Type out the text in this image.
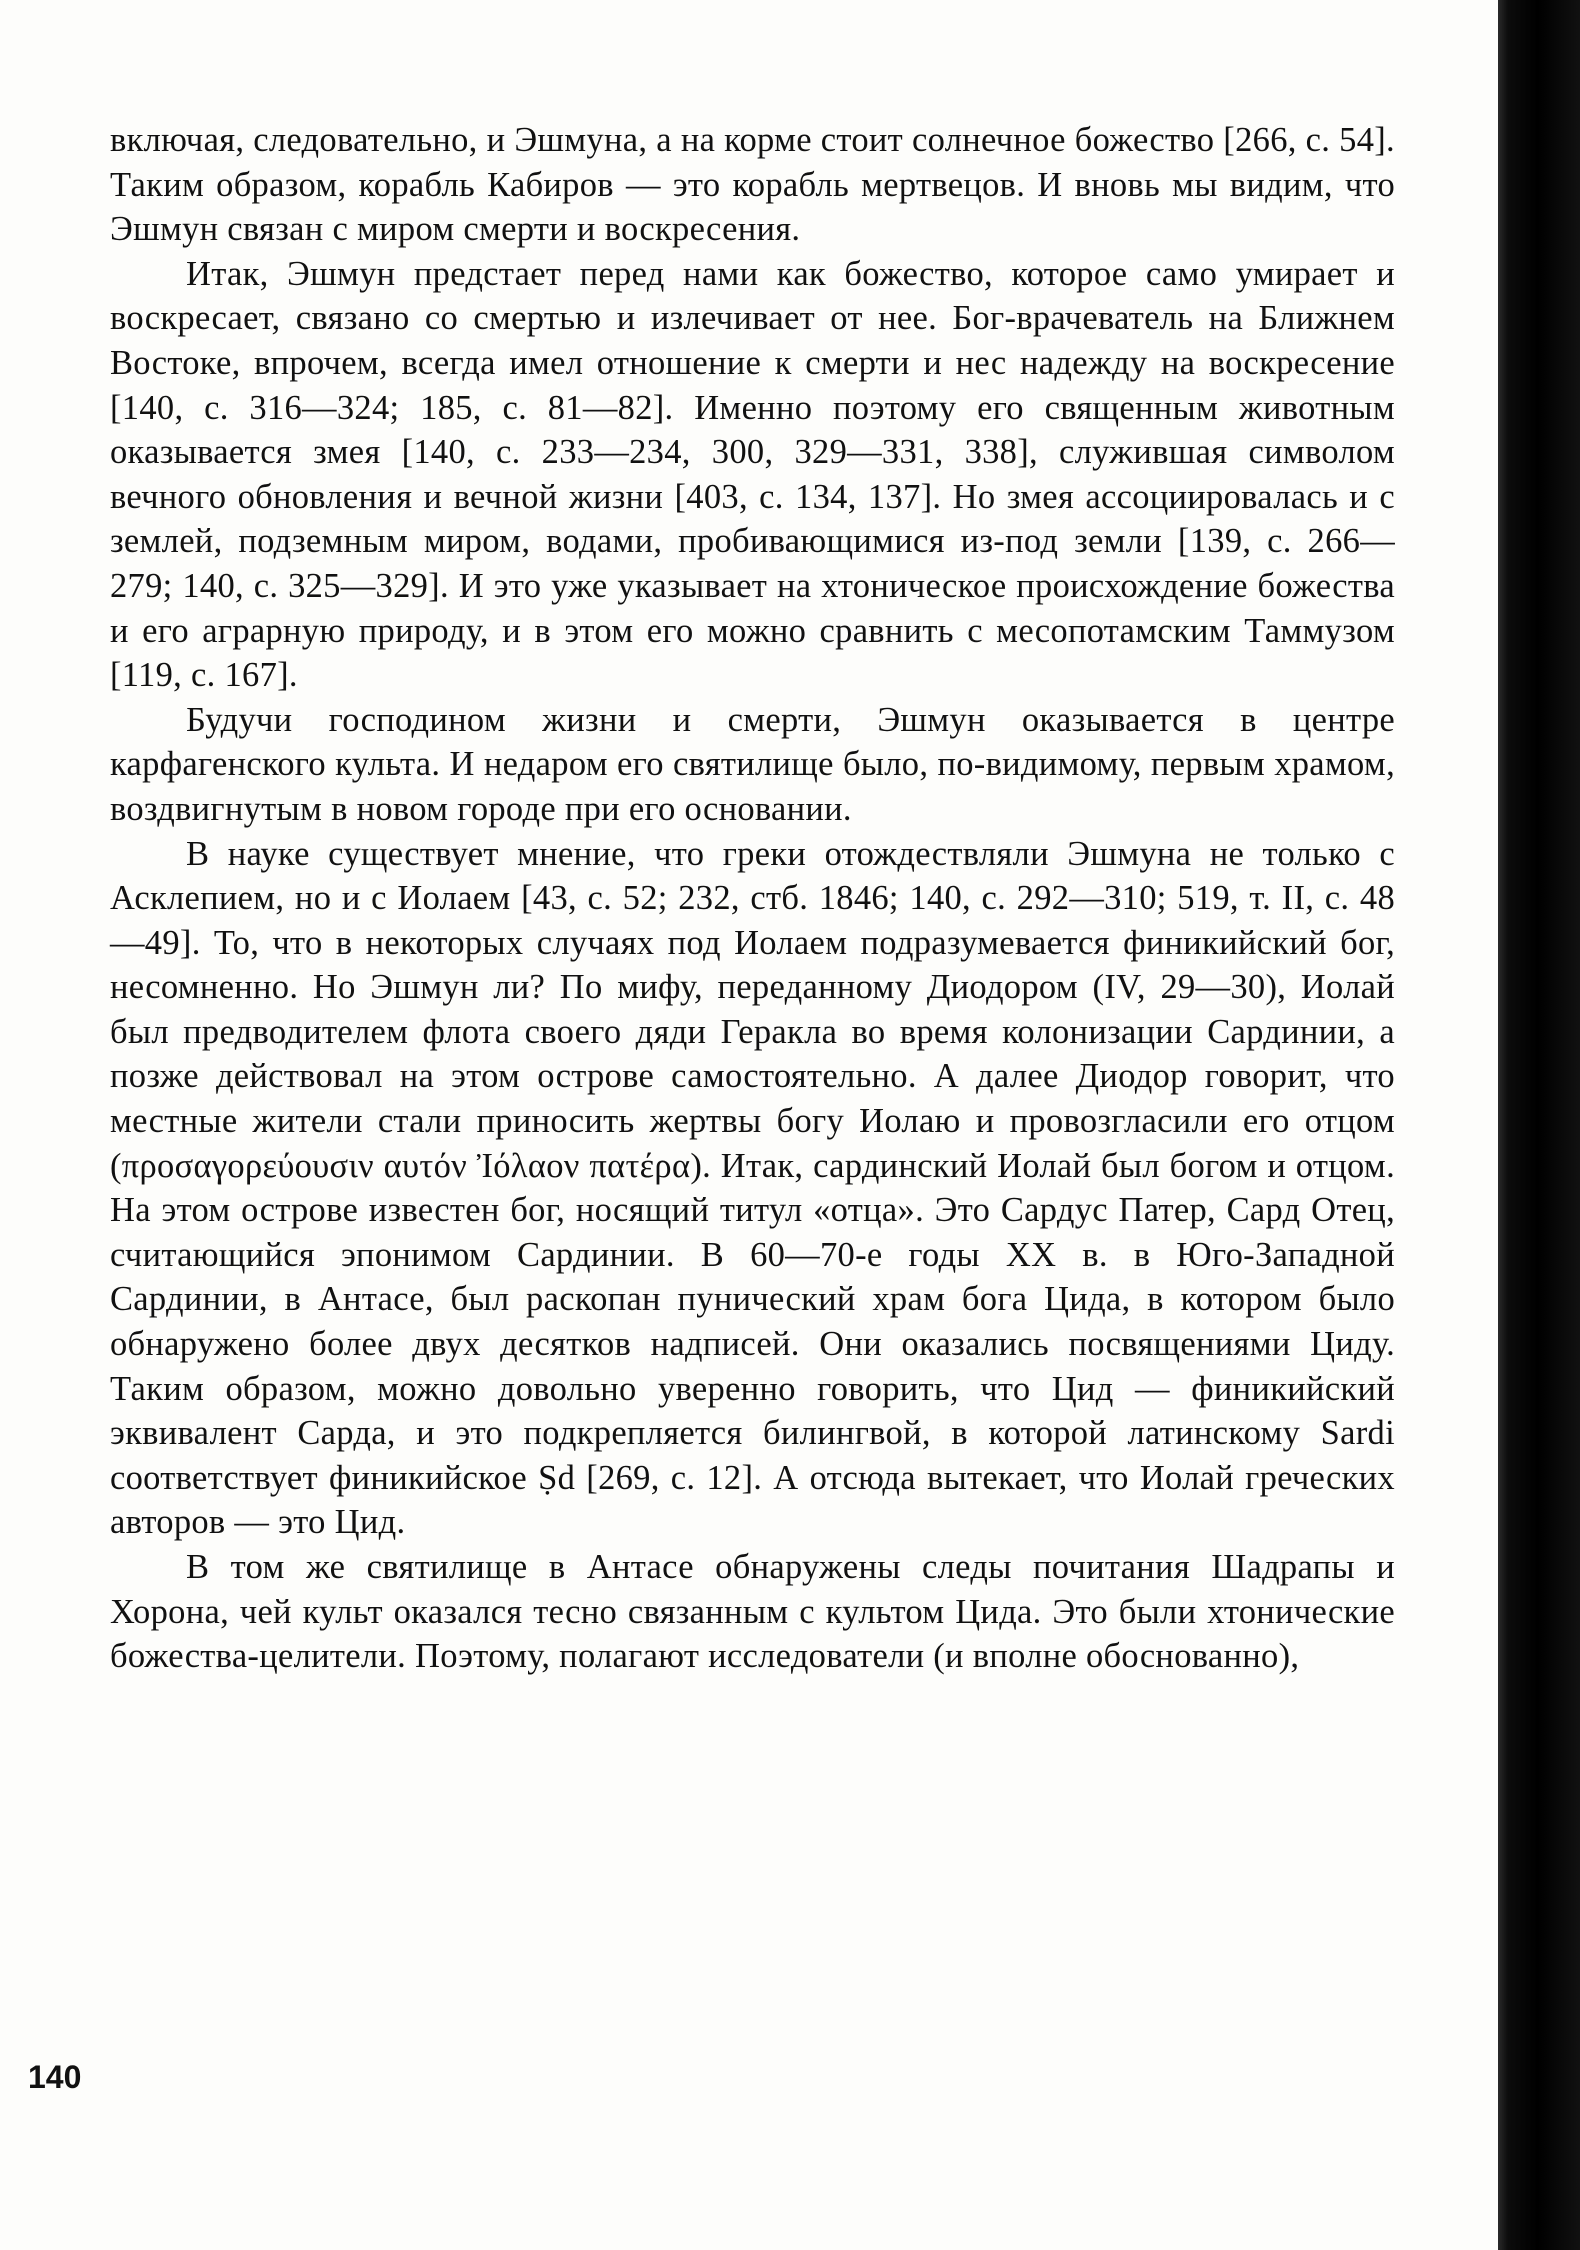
включая, следовательно, и Эшмуна, а на корме стоит солнечное божество [266, с. 54]. Таким образом, корабль Кабиров — это корабль мертвецов. И вновь мы видим, что Эшмун связан с миром смерти и воскресения.

Итак, Эшмун предстает перед нами как божество, которое само умирает и воскресает, связано со смертью и излечивает от нее. Бог-врачеватель на Ближнем Востоке, впрочем, всегда имел отношение к смерти и нес надежду на воскресение [140, с. 316—324; 185, с. 81—82]. Именно поэтому его священным животным оказывается змея [140, с. 233—234, 300, 329—331, 338], служившая символом вечного обновления и вечной жизни [403, с. 134, 137]. Но змея ассоциировалась и с землей, подземным миром, водами, пробивающимися из-под земли [139, с. 266—279; 140, с. 325—329]. И это уже указывает на хтоническое происхождение божества и его аграрную природу, и в этом его можно сравнить с месопотамским Таммузом [119, с. 167].

Будучи господином жизни и смерти, Эшмун оказывается в центре карфагенского культа. И недаром его святилище было, по-видимому, первым храмом, воздвигнутым в новом городе при его основании.

В науке существует мнение, что греки отождествляли Эшмуна не только с Асклепием, но и с Иолаем [43, с. 52; 232, стб. 1846; 140, с. 292—310; 519, т. II, с. 48—49]. То, что в некоторых случаях под Иолаем подразумевается финикийский бог, несомненно. Но Эшмун ли? По мифу, переданному Диодором (IV, 29—30), Иолай был предводителем флота своего дяди Геракла во время колонизации Сардинии, а позже действовал на этом острове самостоятельно. А далее Диодор говорит, что местные жители стали приносить жертвы богу Иолаю и провозгласили его отцом (προσαγορεύουσιν αυτόν Ἰόλαον πατέρα). Итак, сардинский Иолай был богом и отцом. На этом острове известен бог, носящий титул «отца». Это Сардус Патер, Сард Отец, считающийся эпонимом Сардинии. В 60—70-е годы XX в. в Юго-Западной Сардинии, в Антасе, был раскопан пунический храм бога Цида, в котором было обнаружено более двух десятков надписей. Они оказались посвящениями Циду. Таким образом, можно довольно уверенно говорить, что Цид — финикийский эквивалент Сарда, и это подкрепляется билингвой, в которой латинскому Sardi соответствует финикийское Ṣd [269, с. 12]. А отсюда вытекает, что Иолай греческих авторов — это Цид.

В том же святилище в Антасе обнаружены следы почитания Шадрапы и Хорона, чей культ оказался тесно связанным с культом Цида. Это были хтонические божества-целители. Поэтому, полагают исследователи (и вполне обоснованно),

140
